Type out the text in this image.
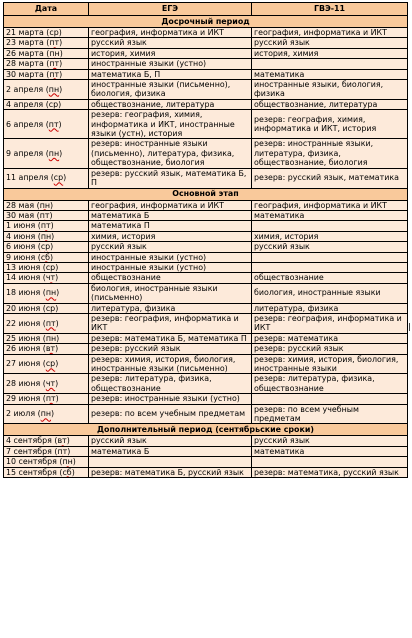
Дата	ЕГЭ	ГВЭ-11
Досрочный период		
21 марта (ср)	география, информатика и ИКТ	география, информатика и ИКТ
23 марта (пт)	русский язык	русский язык
26 марта (пн)	история, химия	история, химия
28 марта (пт)	иностранные языки (устно)	
30 марта (пт)	математика Б, П	математика
2 апреля (пн)	иностранные языки (письменно), биология, физика	иностранные языки, биология, физика
4 апреля (ср)	обществознание, литература	обществознание, литература
6 апреля (пт)	резерв: география, химия, информатика и ИКТ, иностранные языки (устн), история	резерв: география, химия, информатика и ИКТ, история
9 апреля (пн)	резерв: иностранные языки (письменно), литература, физика, обществознание, биология	резерв: иностранные языки, литература, физика, обществознание, биология
11 апреля (ср)	резерв: русский язык, математика Б, П	резерв: русский язык, математика
Основной этап		
28 мая (пн)	география, информатика и ИКТ	география, информатика и ИКТ
30 мая (пт)	математика Б	математика
1 июня (пт)	математика П	
4 июня (пн)	химия, история	химия, история
6 июня (ср)	русский язык	русский язык
9 июня (сб)	иностранные языки (устно)	
13 июня (ср)	иностранные языки (устно)	
14 июня (чт)	обществознание	обществознание
18 июня (пн)	биология, иностранные языки (письменно)	биология, иностранные языки
20 июня (ср)	литература, физика	литература, физика
22 июня (пт)	резерв: география, информатика и ИКТ	резерв: география, информатика и ИКТ
25 июня (пн)	резерв: математика Б, математика П	резерв: математика
26 июня (вт)	резерв: русский язык	резерв: русский язык
27 июня (ср)	резерв: химия, история, биология, иностранные языки (письменно)	резерв: химия, история, биология, иностранные языки
28 июня (чт)	резерв: литература, физика, обществознание	резерв: литература, физика, обществознание
29 июня (пт)	резерв: иностранные языки (устно)	
2 июля (пн)	резерв: по всем учебным предметам	резерв: по всем учебным предметам
Дополнительный период (сентябрьские сроки)		
4 сентября (вт)	русский язык	русский язык
7 сентября (пт)	математика Б	математика
10 сентября (пн)		
15 сентября (сб)	резерв: математика Б, русский язык	резерв: математика, русский язык
